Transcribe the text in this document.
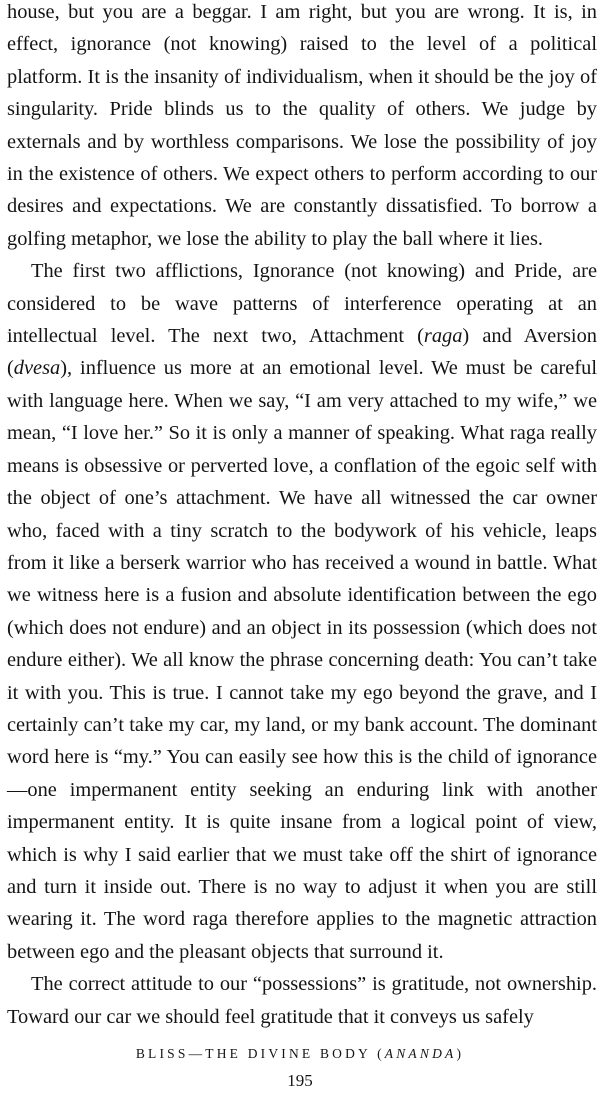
house, but you are a beggar. I am right, but you are wrong. It is, in effect, ignorance (not knowing) raised to the level of a political platform. It is the insanity of individualism, when it should be the joy of singularity. Pride blinds us to the quality of others. We judge by externals and by worthless comparisons. We lose the possibility of joy in the existence of others. We expect others to perform according to our desires and expectations. We are constantly dissatisfied. To borrow a golfing metaphor, we lose the ability to play the ball where it lies.

The first two afflictions, Ignorance (not knowing) and Pride, are considered to be wave patterns of interference operating at an intellectual level. The next two, Attachment (raga) and Aversion (dvesa), influence us more at an emotional level. We must be careful with language here. When we say, “I am very attached to my wife,” we mean, “I love her.” So it is only a manner of speaking. What raga really means is obsessive or perverted love, a conflation of the egoic self with the object of one’s attachment. We have all witnessed the car owner who, faced with a tiny scratch to the bodywork of his vehicle, leaps from it like a berserk warrior who has received a wound in battle. What we witness here is a fusion and absolute identification between the ego (which does not endure) and an object in its possession (which does not endure either). We all know the phrase concerning death: You can’t take it with you. This is true. I cannot take my ego beyond the grave, and I certainly can’t take my car, my land, or my bank account. The dominant word here is “my.” You can easily see how this is the child of ignorance—one impermanent entity seeking an enduring link with another impermanent entity. It is quite insane from a logical point of view, which is why I said earlier that we must take off the shirt of ignorance and turn it inside out. There is no way to adjust it when you are still wearing it. The word raga therefore applies to the magnetic attraction between ego and the pleasant objects that surround it.

The correct attitude to our “possessions” is gratitude, not ownership. Toward our car we should feel gratitude that it conveys us safely

BLISS—THE DIVINE BODY (ANANDA)
195
